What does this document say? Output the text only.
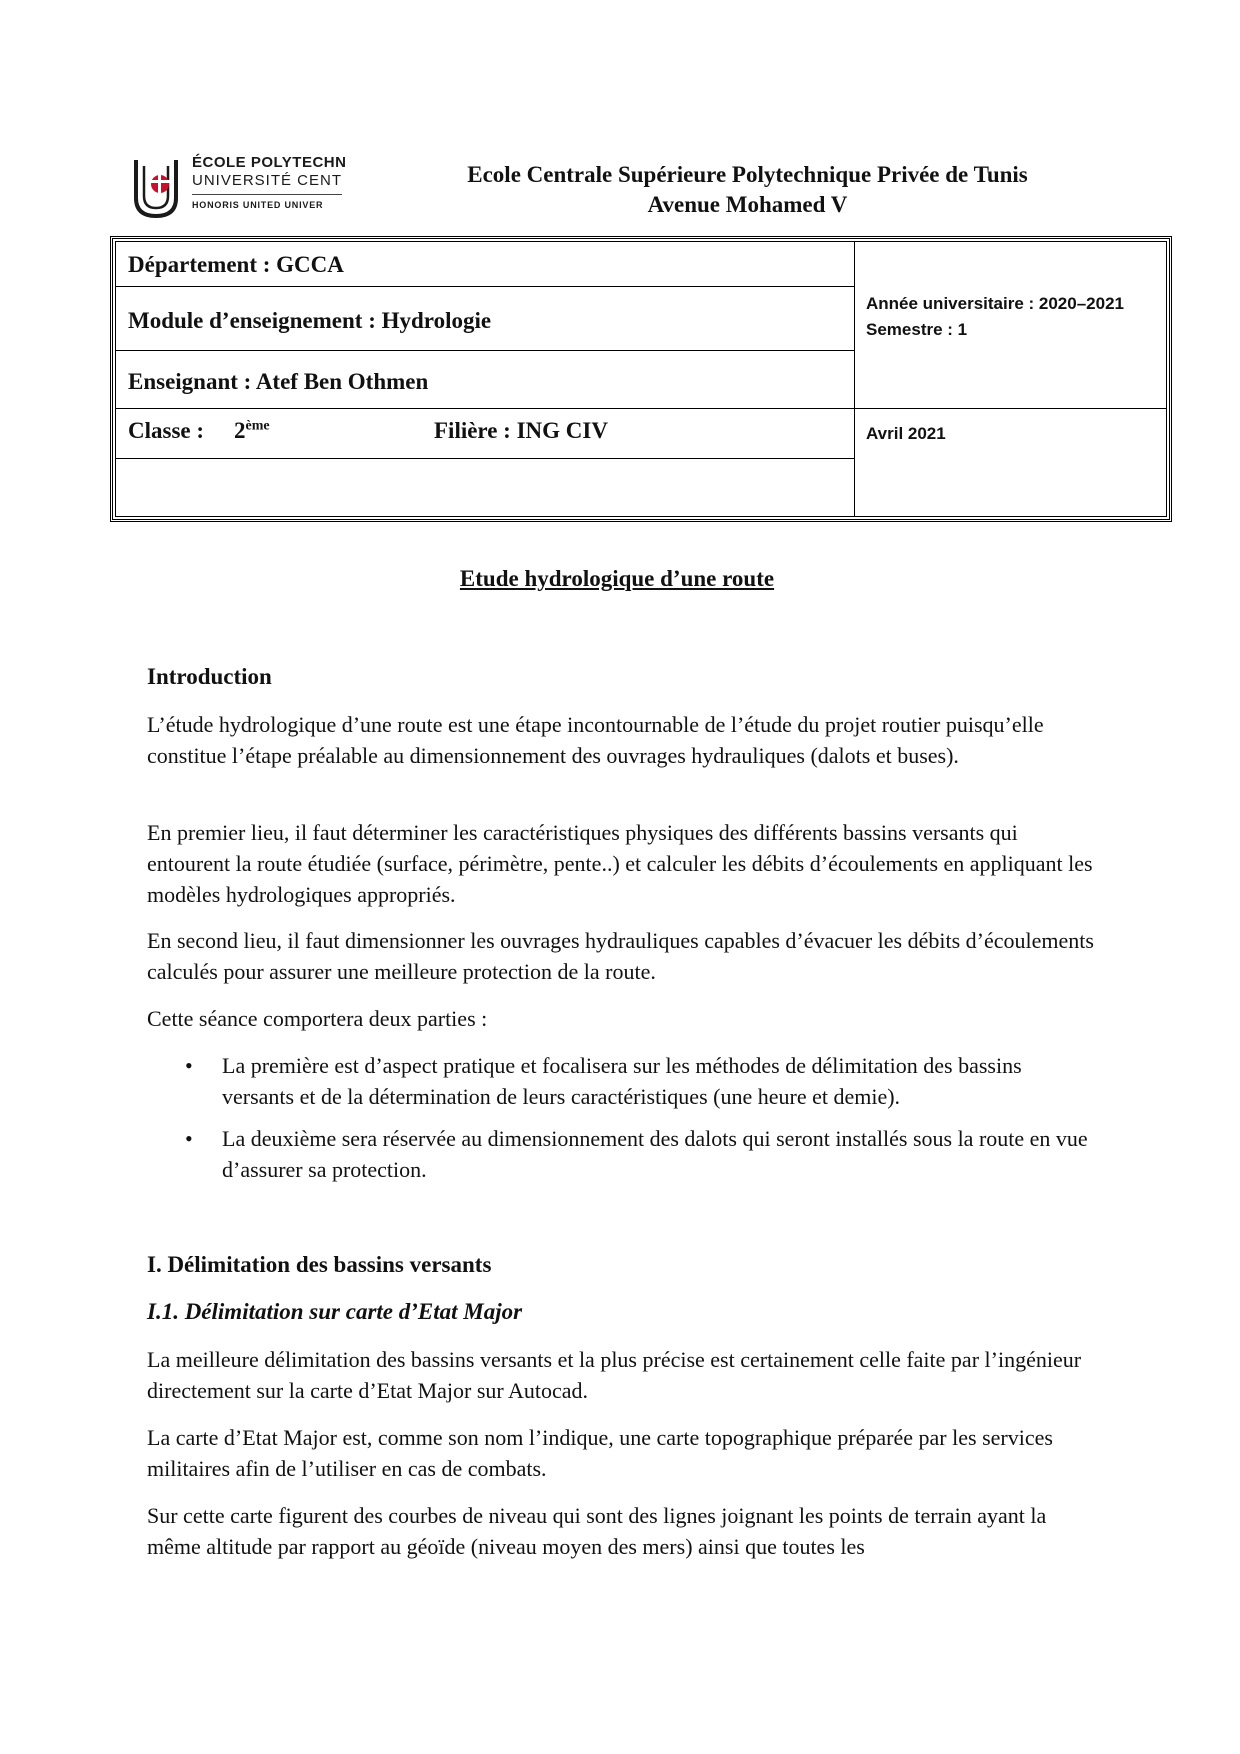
ÉCOLE POLYTECHN
UNIVERSITÉ CENT
HONORIS UNITED UNIVER
Ecole Centrale Supérieure Polytechnique Privée de Tunis
Avenue Mohamed V
Département : GCCA
Module d’enseignement : Hydrologie
Enseignant : Atef Ben Othmen
Classe : 2ème	Filière : ING CIV
Année universitaire : 2020–2021
Semestre : 1
Avril 2021
Etude hydrologique d’une route
Introduction

L’étude hydrologique d’une route est une étape incontournable de l’étude du projet routier puisqu’elle constitue l’étape préalable au dimensionnement des ouvrages hydrauliques (dalots et buses).

En premier lieu, il faut déterminer les caractéristiques physiques des différents bassins versants qui entourent la route étudiée (surface, périmètre, pente..) et calculer les débits d’écoulements en appliquant les modèles hydrologiques appropriés.

En second lieu, il faut dimensionner les ouvrages hydrauliques capables d’évacuer les débits d’écoulements calculés pour assurer une meilleure protection de la route.

Cette séance comportera deux parties :

• La première est d’aspect pratique et focalisera sur les méthodes de délimitation des bassins versants et de la détermination de leurs caractéristiques (une heure et demie).
• La deuxième sera réservée au dimensionnement des dalots qui seront installés sous la route en vue d’assurer sa protection.
I. Délimitation des bassins versants
I.1. Délimitation sur carte d’Etat Major

La meilleure délimitation des bassins versants et la plus précise est certainement celle faite par l’ingénieur directement sur la carte d’Etat Major sur Autocad.

La carte d’Etat Major est, comme son nom l’indique, une carte topographique préparée par les services militaires afin de l’utiliser en cas de combats.

Sur cette carte figurent des courbes de niveau qui sont des lignes joignant les points de terrain ayant la même altitude par rapport au géoïde (niveau moyen des mers) ainsi que toutes les
